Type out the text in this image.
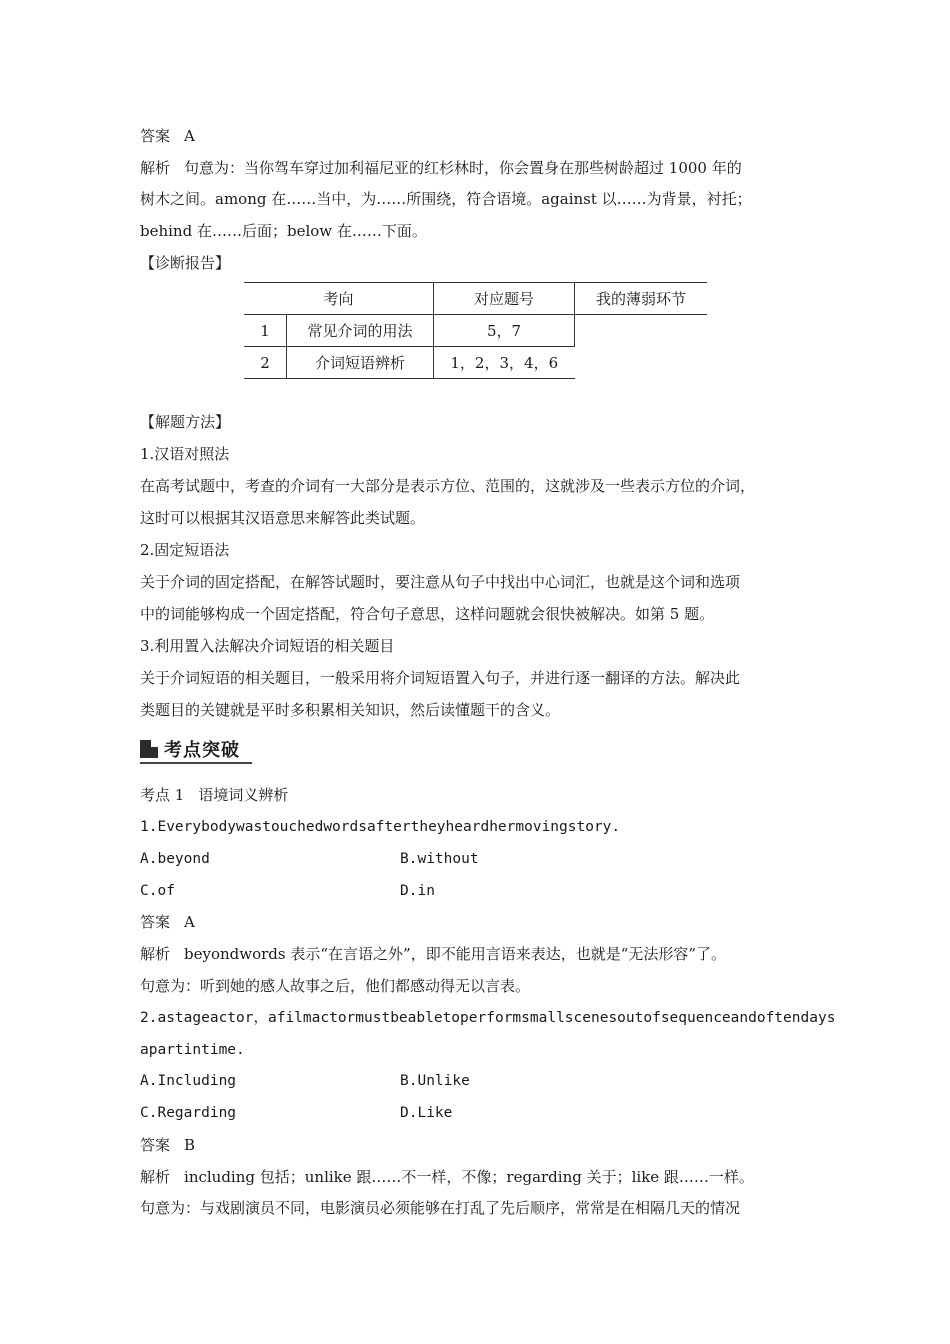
答案 A

解析 句意为：当你驾车穿过加利福尼亚的红杉林时，你会置身在那些树龄超过 1000 年的

树木之间。among 在……当中，为……所围绕，符合语境。against 以……为背景，衬托；

behind 在……后面；below 在……下面。

【诊断报告】

考向		对应题号	我的薄弱环节
1	常见介词的用法	5，7	
2	介词短语辨析	1，2，3，4，6	

【解题方法】

1.汉语对照法

在高考试题中，考查的介词有一大部分是表示方位、范围的，这就涉及一些表示方位的介词，

这时可以根据其汉语意思来解答此类试题。

2.固定短语法

关于介词的固定搭配，在解答试题时，要注意从句子中找出中心词汇，也就是这个词和选项

中的词能够构成一个固定搭配，符合句子意思，这样问题就会很快被解决。如第 5 题。

3.利用置入法解决介词短语的相关题目

关于介词短语的相关题目，一般采用将介词短语置入句子，并进行逐一翻译的方法。解决此

类题目的关键就是平时多积累相关知识，然后读懂题干的含义。

考点突破

考点 1 语境词义辨析

1.Everybodywastouchedwordsaftertheyheardhermovingstory.

A.beyond	B.without

C.of	D.in

答案 A

解析 beyondwords 表示“在言语之外”，即不能用言语来表达，也就是“无法形容”了。

句意为：听到她的感人故事之后，他们都感动得无以言表。

2.astageactor，afilmactormustbeabletoperformsmallscenesoutofsequenceandoftendays

apartintime.

A.Including	B.Unlike

C.Regarding	D.Like

答案 B

解析 including 包括；unlike 跟……不一样，不像；regarding 关于；like 跟……一样。

句意为：与戏剧演员不同，电影演员必须能够在打乱了先后顺序，常常是在相隔几天的情况
